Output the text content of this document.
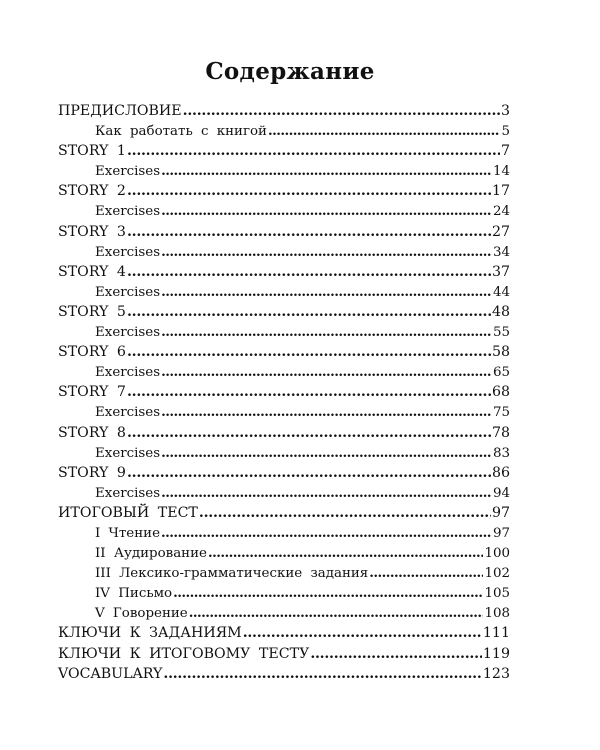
Содержание
ПРЕДИСЛОВИЕ . . .	3
Как работать с книгой . . .	5
STORY 1 . . .	7
Exercises . . .	14
STORY 2 . . .	17
Exercises . . .	24
STORY 3 . . .	27
Exercises . . .	34
STORY 4 . . .	37
Exercises . . .	44
STORY 5 . . .	48
Exercises . . .	55
STORY 6 . . .	58
Exercises . . .	65
STORY 7 . . .	68
Exercises . . .	75
STORY 8 . . .	78
Exercises . . .	83
STORY 9 . . .	86
Exercises . . .	94
ИТОГОВЫЙ ТЕСТ . . .	97
I Чтение . . .	97
II Аудирование . . .	100
III Лексико-грамматические задания . . .	102
IV Письмо . . .	105
V Говорение . . .	108
КЛЮЧИ К ЗАДАНИЯМ . . .	111
КЛЮЧИ К ИТОГОВОМУ ТЕСТУ . . .	119
VOCABULARY . . .	123
